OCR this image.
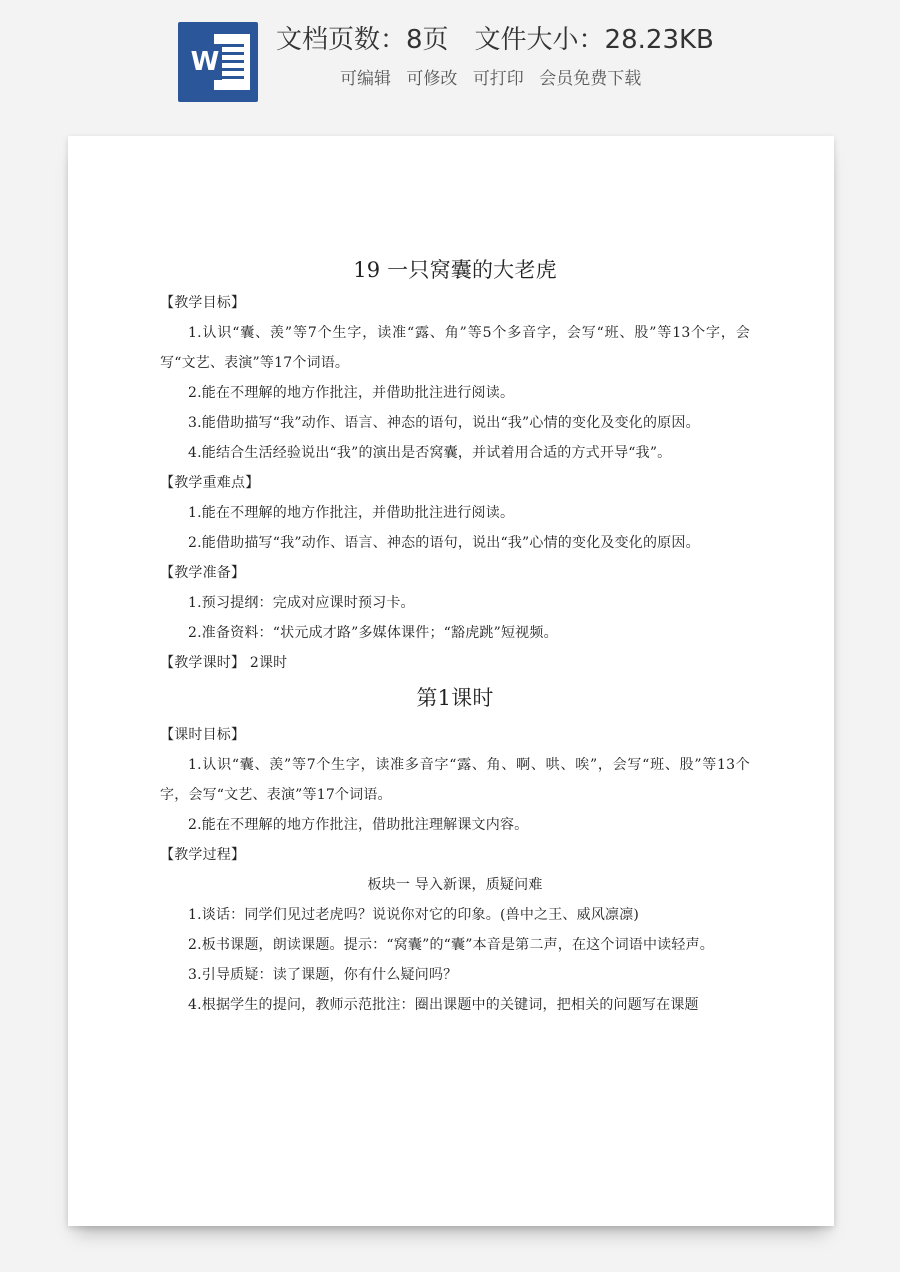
W
文档页数：8页 文件大小：28.23KB
可编辑 可修改 可打印 会员免费下载
19 一只窝囊的大老虎
【教学目标】
1.认识“囊、羡”等7个生字，读准“露、角”等5个多音字，会写“班、股”等13个字，会写“文艺、表演”等17个词语。
2.能在不理解的地方作批注，并借助批注进行阅读。
3.能借助描写“我”动作、语言、神态的语句，说出“我”心情的变化及变化的原因。
4.能结合生活经验说出“我”的演出是否窝囊，并试着用合适的方式开导“我”。
【教学重难点】
1.能在不理解的地方作批注，并借助批注进行阅读。
2.能借助描写“我”动作、语言、神态的语句，说出“我”心情的变化及变化的原因。
【教学准备】
1.预习提纲：完成对应课时预习卡。
2.准备资料：“状元成才路”多媒体课件；“豁虎跳”短视频。
【教学课时】 2课时
第1课时
【课时目标】
1.认识“囊、羡”等7个生字，读准多音字“露、角、啊、哄、唉”，会写“班、股”等13个字，会写“文艺、表演”等17个词语。
2.能在不理解的地方作批注，借助批注理解课文内容。
【教学过程】
板块一 导入新课，质疑问难
1.谈话：同学们见过老虎吗？说说你对它的印象。(兽中之王、威风凛凛)
2.板书课题，朗读课题。提示：“窝囊”的“囊”本音是第二声，在这个词语中读轻声。
3.引导质疑：读了课题，你有什么疑问吗？
4.根据学生的提问，教师示范批注：圈出课题中的关键词，把相关的问题写在课题
